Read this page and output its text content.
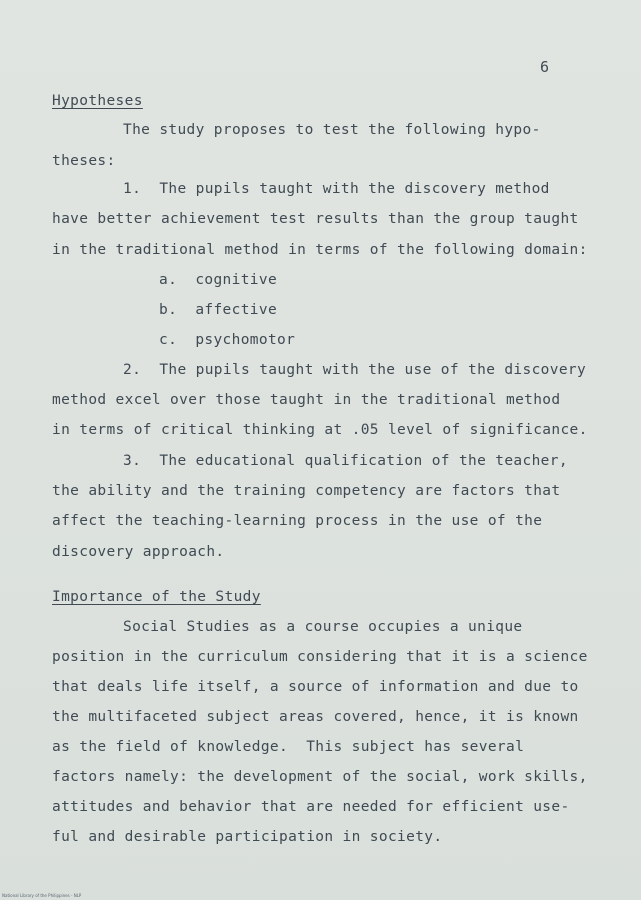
6
Hypotheses
The study proposes to test the following hypo-
theses:
1.  The pupils taught with the discovery method
have better achievement test results than the group taught
in the traditional method in terms of the following domain:
a.  cognitive
b.  affective
c.  psychomotor
2.  The pupils taught with the use of the discovery
method excel over those taught in the traditional method
in terms of critical thinking at .05 level of significance.
3.  The educational qualification of the teacher,
the ability and the training competency are factors that
affect the teaching-learning process in the use of the
discovery approach.
Importance of the Study
Social Studies as a course occupies a unique
position in the curriculum considering that it is a science
that deals life itself, a source of information and due to
the multifaceted subject areas covered, hence, it is known
as the field of knowledge.  This subject has several
factors namely: the development of the social, work skills,
attitudes and behavior that are needed for efficient use-
ful and desirable participation in society.
National Library of the Philippines - NLP
